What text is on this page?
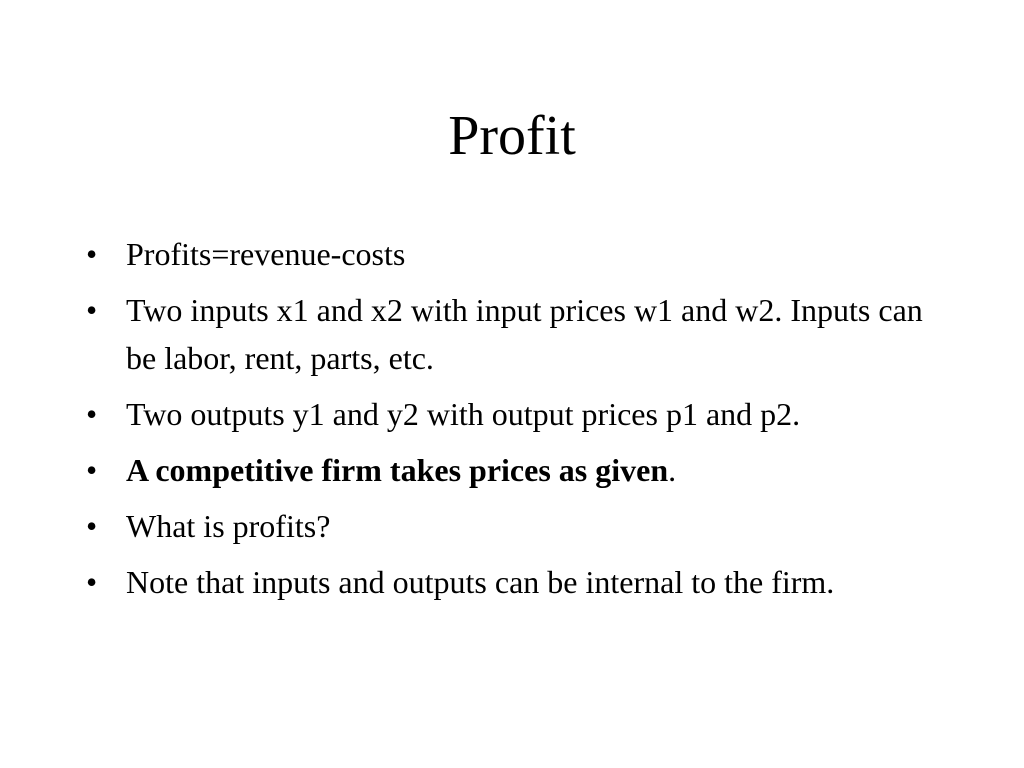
Profit
• Profits=revenue-costs
• Two inputs x1 and x2 with input prices w1 and w2. Inputs can be labor, rent, parts, etc.
• Two outputs y1 and y2 with output prices p1 and p2.
• A competitive firm takes prices as given.
• What is profits?
• Note that inputs and outputs can be internal to the firm.
